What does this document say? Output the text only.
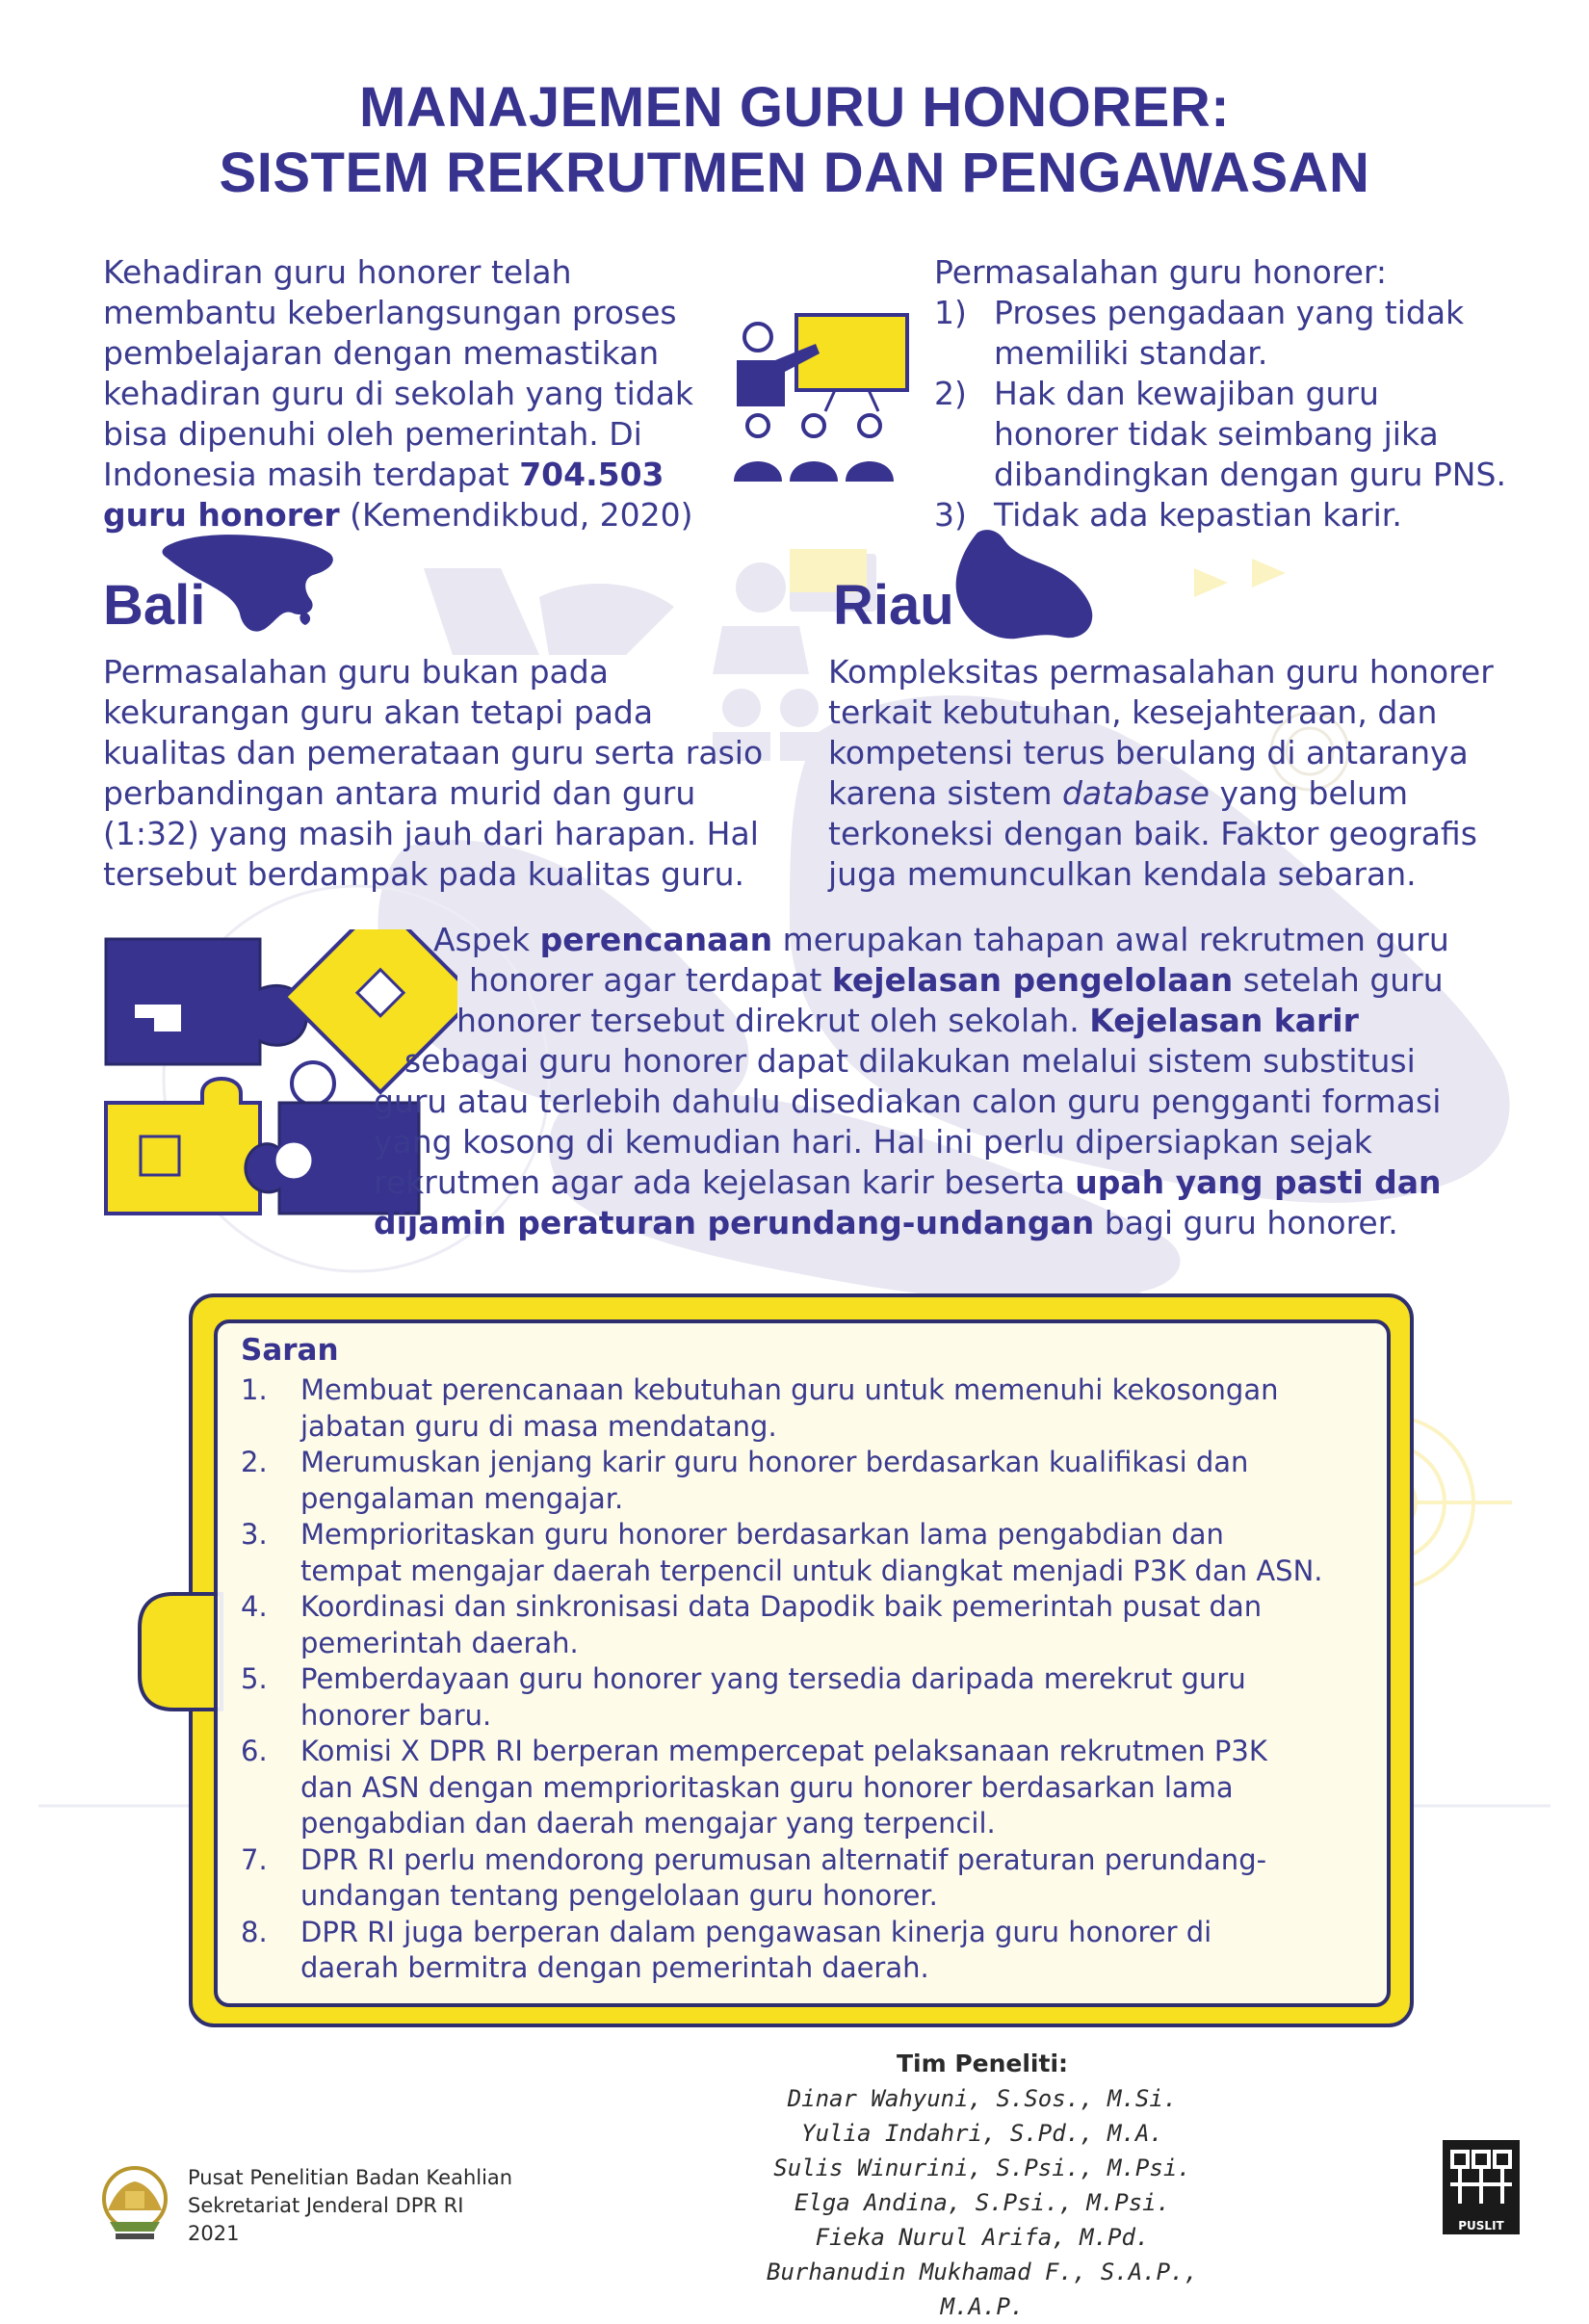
MANAJEMEN GURU HONORER:
SISTEM REKRUTMEN DAN PENGAWASAN
Kehadiran guru honorer telah
membantu keberlangsungan proses
pembelajaran dengan memastikan
kehadiran guru di sekolah yang tidak
bisa dipenuhi oleh pemerintah. Di
Indonesia masih terdapat 704.503
guru honorer (Kemendikbud, 2020)
Permasalahan guru honorer:
1) Proses pengadaan yang tidak
memiliki standar.
2) Hak dan kewajiban guru
honorer tidak seimbang jika
dibandingkan dengan guru PNS.
3) Tidak ada kepastian karir.
Bali	Riau
Permasalahan guru bukan pada
kekurangan guru akan tetapi pada
kualitas dan pemerataan guru serta rasio
perbandingan antara murid dan guru
(1:32) yang masih jauh dari harapan. Hal
tersebut berdampak pada kualitas guru.
Kompleksitas permasalahan guru honorer
terkait kebutuhan, kesejahteraan, dan
kompetensi terus berulang di antaranya
karena sistem database yang belum
terkoneksi dengan baik. Faktor geografis
juga memunculkan kendala sebaran.
Aspek perencanaan merupakan tahapan awal rekrutmen guru
honorer agar terdapat kejelasan pengelolaan setelah guru
honorer tersebut direkrut oleh sekolah. Kejelasan karir
sebagai guru honorer dapat dilakukan melalui sistem substitusi
guru atau terlebih dahulu disediakan calon guru pengganti formasi
yang kosong di kemudian hari. Hal ini perlu dipersiapkan sejak
rekrutmen agar ada kejelasan karir beserta upah yang pasti dan
dijamin peraturan perundang-undangan bagi guru honorer.
Saran
1. Membuat perencanaan kebutuhan guru untuk memenuhi kekosongan
jabatan guru di masa mendatang.
2. Merumuskan jenjang karir guru honorer berdasarkan kualifikasi dan
pengalaman mengajar.
3. Memprioritaskan guru honorer berdasarkan lama pengabdian dan
tempat mengajar daerah terpencil untuk diangkat menjadi P3K dan ASN.
4. Koordinasi dan sinkronisasi data Dapodik baik pemerintah pusat dan
pemerintah daerah.
5. Pemberdayaan guru honorer yang tersedia daripada merekrut guru
honorer baru.
6. Komisi X DPR RI berperan mempercepat pelaksanaan rekrutmen P3K
dan ASN dengan memprioritaskan guru honorer berdasarkan lama
pengabdian dan daerah mengajar yang terpencil.
7. DPR RI perlu mendorong perumusan alternatif peraturan perundang-
undangan tentang pengelolaan guru honorer.
8. DPR RI juga berperan dalam pengawasan kinerja guru honorer di
daerah bermitra dengan pemerintah daerah.
Tim Peneliti:
Dinar Wahyuni, S.Sos., M.Si.
Yulia Indahri, S.Pd., M.A.
Sulis Winurini, S.Psi., M.Psi.
Elga Andina, S.Psi., M.Psi.
Fieka Nurul Arifa, M.Pd.
Burhanudin Mukhamad F., S.A.P., M.A.P.
Pusat Penelitian Badan Keahlian
Sekretariat Jenderal DPR RI
2021	PUSLIT BKD
